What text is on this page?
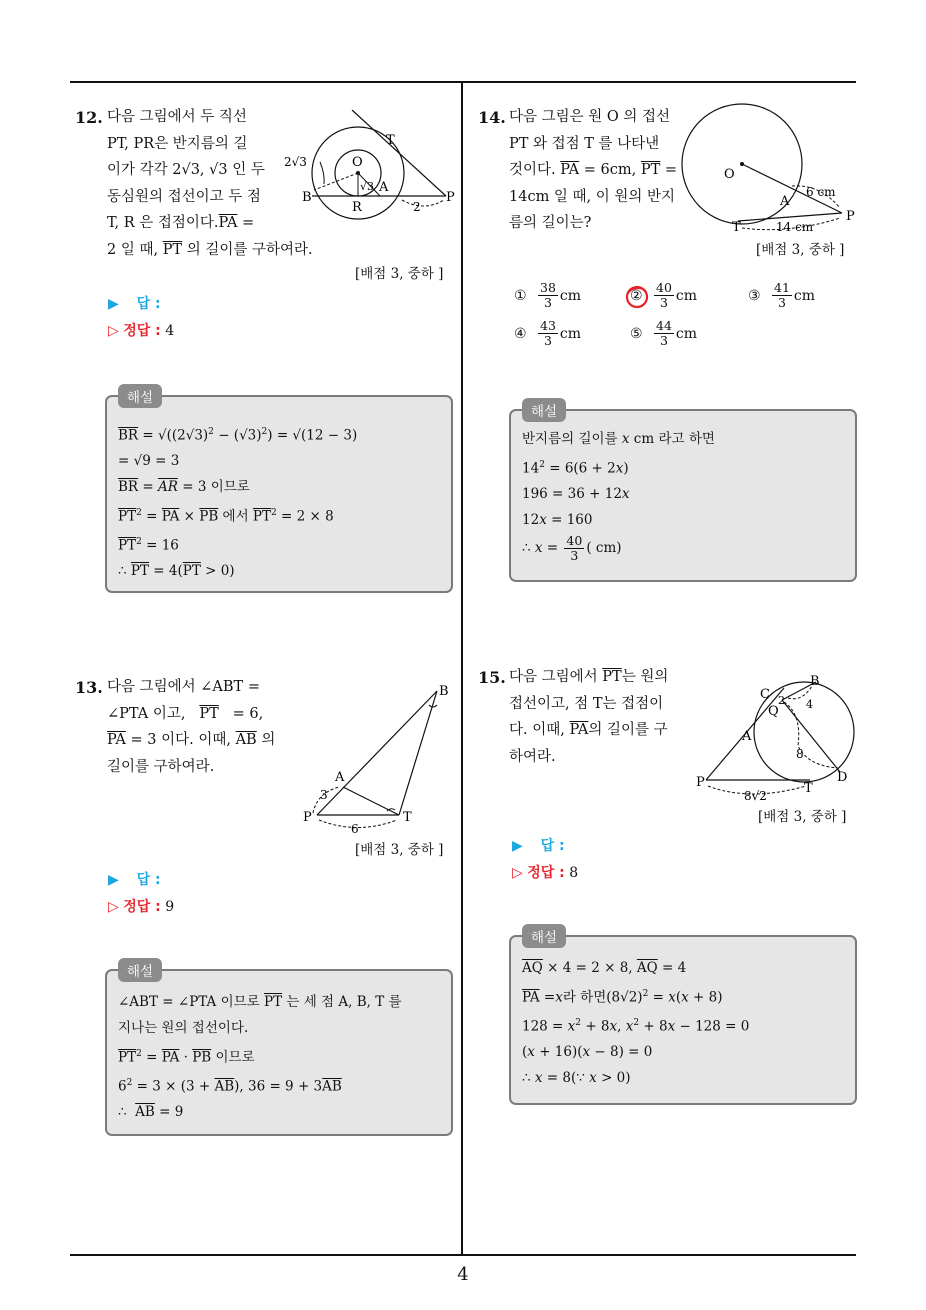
4
12. 다음 그림에서 두 직선

PT, PR은 반지름의 길

이가 각각 2√3, √3 인 두

동심원의 접선이고 두 점

T, R 은 접점이다$.\overline{PA}$ =

2 일 때, $\overline{PT}$ 의 길이를 구하여라.

2√3	O
T
√3
B
R
A
P
2
[배점 3, 중하 ]
▶ 답 :
▷ 정답 : 4
해설

$\overline{BR} = √((2√3)^2 - (√3)^2) = √(12 - 3)$

= √9 = 3

$\overline{BR} = \overline{AR} = 3$ 이므로

$\overline{PT}^2 = \overline{PA} \times \overline{PB}$ 에서 $\overline{PT}^2 = 2 \times 8$

$\overline{PT}^2 = 16$

∴ $\overline{PT} = 4(\overline{PT} > 0)$

13. 다음 그림에서 ∠ABT =

∠PTA 이고, $\overline{PT} = 6$,

$\overline{PA} = 3$ 이다. 이때, $\overline{AB}$ 의

길이를 구하여라.

B
A
3
P	T
6
[배점 3, 중하 ]
▶ 답 :
▷ 정답 : 9
해설

∠ABT = ∠PTA 이므로 $\overline{PT}$ 는 세 점 A, B, T 를

지나는 원의 접선이다.

$\overline{PT}^2 = \overline{PA} \cdot \overline{PB}$ 이므로

$6^2 = 3 \times (3 + \overline{AB})$, $36 = 9 + 3\overline{AB}$

∴  $\overline{AB} = 9$

14. 다음 그림은 원 O 의 접선

PT 와 접점 T 를 나타낸

것이다. $\overline{PA} = 6cm$, $\overline{PT}$ =

14cm 일 때, 이 원의 반지

름의 길이는?

O
6 cm
A
P
T	14 cm
[배점 3, 중하 ]
① $\frac{38}{3}$ cm	② $\frac{40}{3}$ cm	③ $\frac{41}{3}$ cm
④ $\frac{43}{3}$ cm	⑤ $\frac{44}{3}$ cm
해설

반지름의 길이를 x cm 라고 하면

$14^2 = 6(6 + 2x)$

196 = 36 + 12x

12x = 160

∴ $x = \frac{40}{3}$ ( cm)

15. 다음 그림에서 $\overline{PT}$는 원의

접선이고, 점 T는 접점이

다. 이때, $\overline{PA}$의 길이를 구

하여라.

B
C 2
Q 4
A
8
D
P	T
8√2
[배점 3, 중하 ]
▶ 답 :
▷ 정답 : 8
해설

$\overline{AQ} \times 4 = 2 \times 8$, $\overline{AQ} = 4$

$\overline{PA} =x$라 하면$(8√2)^2 = x(x + 8)$

$128 = x^2 + 8x$, $x^2 + 8x - 128 = 0$

(x + 16)(x − 8) = 0

∴ x = 8(∵ x > 0)
